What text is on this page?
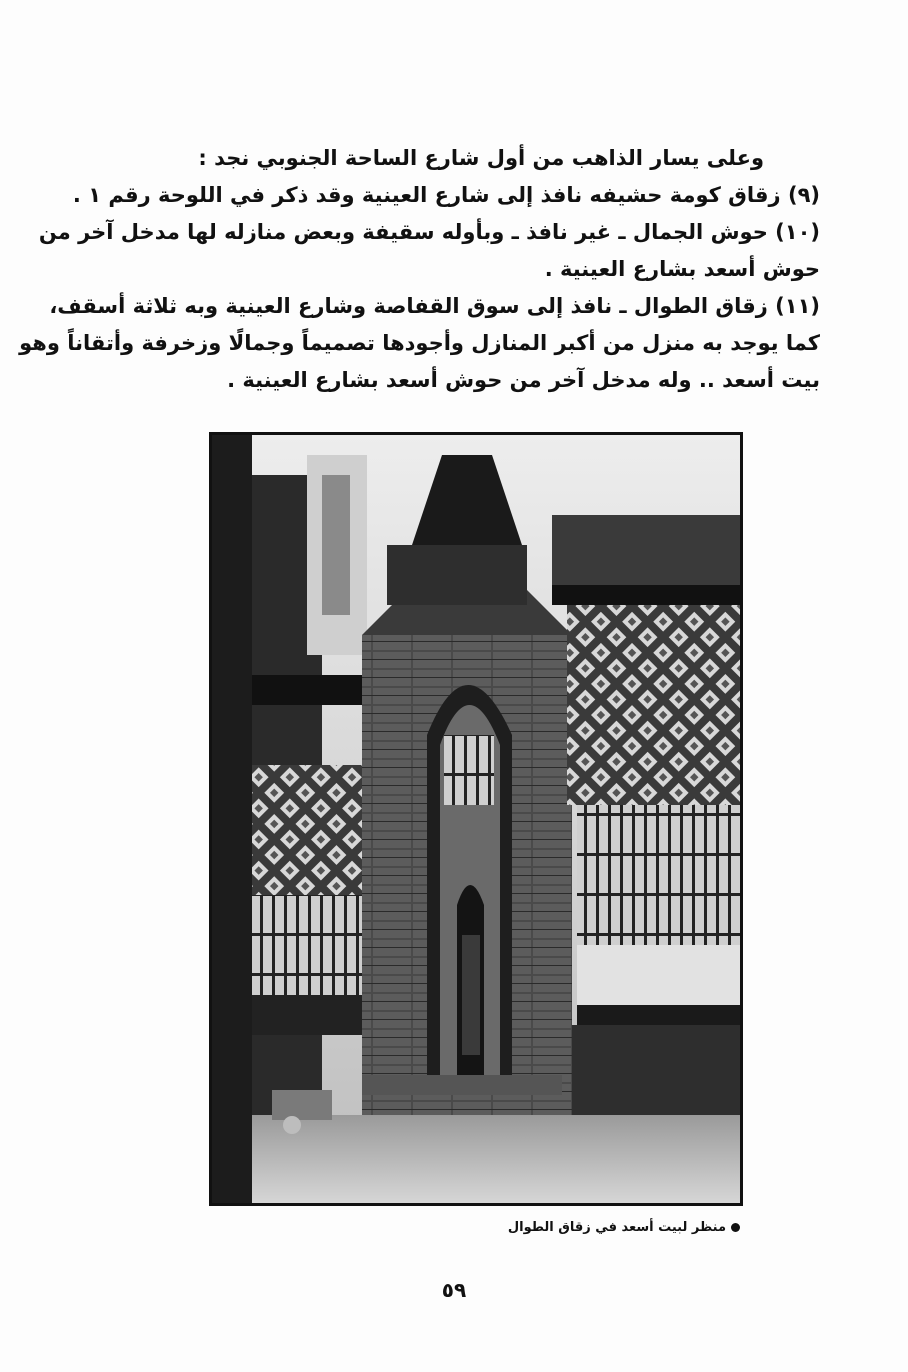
وعلى يسار الذاهب من أول شارع الساحة الجنوبي نجد :
(٩) زقاق كومة حشيفه نافذ إلى شارع العينية وقد ذكر في اللوحة رقم ١ .
(١٠) حوش الجمال ـ غير نافذ ـ وبأوله سقيفة وبعض منازله لها مدخل آخر من
حوش أسعد بشارع العينية .
(١١) زقاق الطوال ـ نافذ إلى سوق القفاصة وشارع العينية وبه ثلاثة أسقف،
كما يوجد به منزل من أكبر المنازل وأجودها تصميماً وجمالًا وزخرفة وأتقاناً وهو
بيت أسعد .. وله مدخل آخر من حوش أسعد بشارع العينية .
منظر لبيت أسعد في زقاق الطوال
٥٩
